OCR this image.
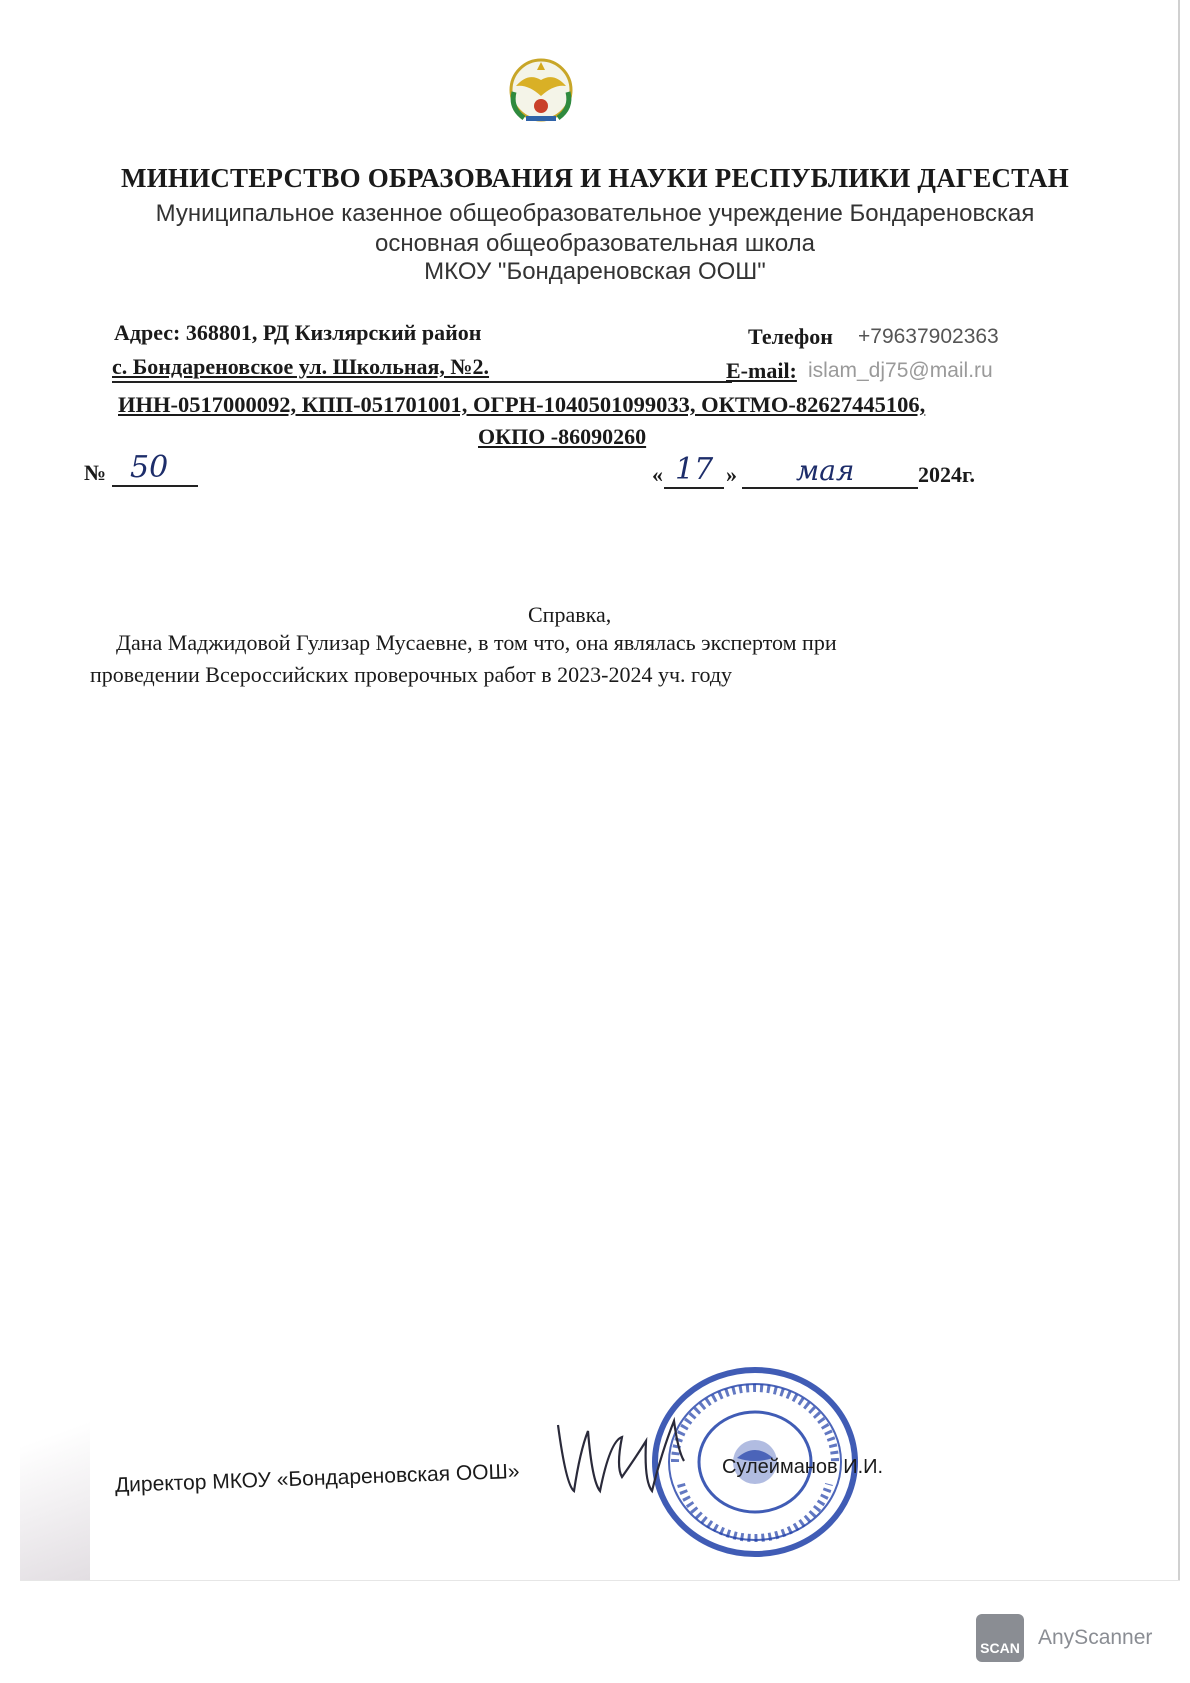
МИНИСТЕРСТВО ОБРАЗОВАНИЯ И НАУКИ РЕСПУБЛИКИ ДАГЕСТАН
Муниципальное казенное общеобразовательное учреждение Бондареновская
основная общеобразовательная школа
МКОУ "Бондареновская ООШ"
Адрес: 368801, РД Кизлярский район
с. Бондареновское ул. Школьная, №2.
Телефон +79637902363
E-mail: islam_dj75@mail.ru
ИНН-0517000092, КПП-051701001, ОГРН-1040501099033, ОКТМО-82627445106,
ОКПО -86090260
№ 50	« 17 » мая	2024г.
Справка,
Дана Маджидовой Гулизар Мусаевне, в том что, она являлась экспертом при
проведении Всероссийских проверочных работ в 2023-2024 уч. году
Директор МКОУ «Бондареновская ООШ»	Сулейманов И.И.
SCAN AnyScanner
